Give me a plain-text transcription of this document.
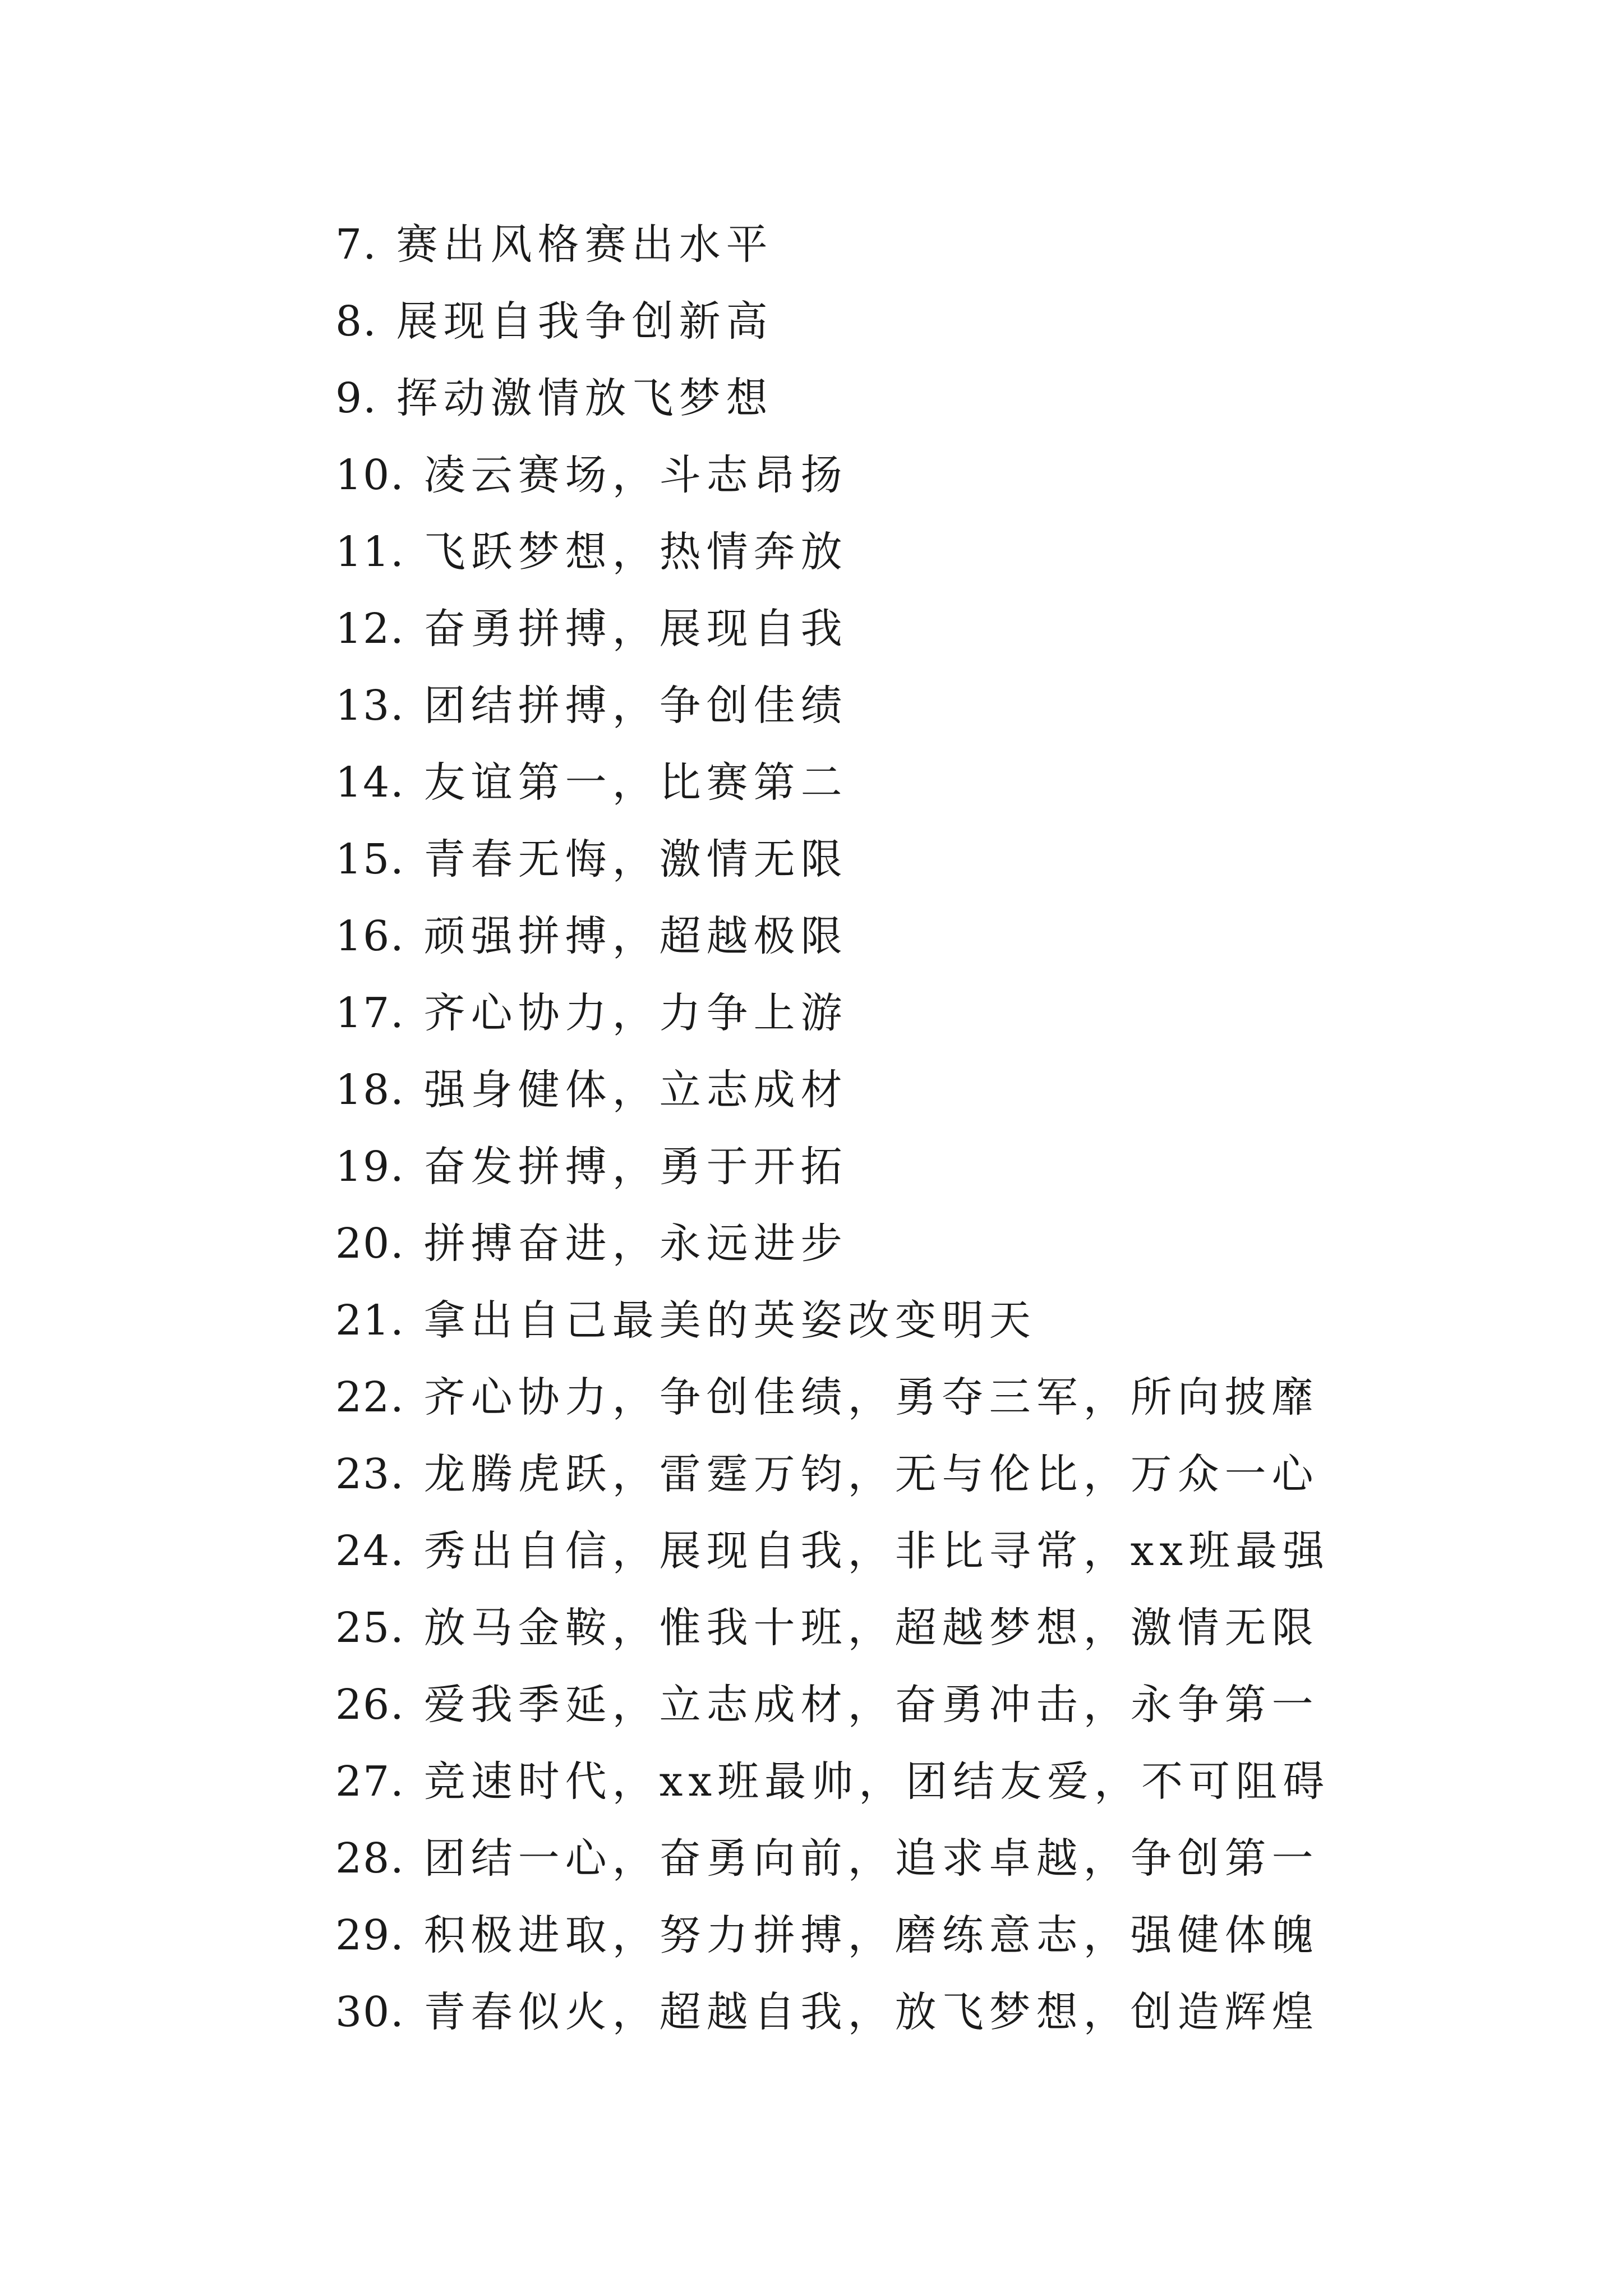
7. 赛出风格赛出水平
8. 展现自我争创新高
9. 挥动激情放飞梦想
10. 凌云赛场，斗志昂扬
11. 飞跃梦想，热情奔放
12. 奋勇拼搏，展现自我
13. 团结拼搏，争创佳绩
14. 友谊第一，比赛第二
15. 青春无悔，激情无限
16. 顽强拼搏，超越极限
17. 齐心协力，力争上游
18. 强身健体，立志成材
19. 奋发拼搏，勇于开拓
20. 拼搏奋进，永远进步
21. 拿出自己最美的英姿改变明天
22. 齐心协力，争创佳绩，勇夺三军，所向披靡
23. 龙腾虎跃，雷霆万钧，无与伦比，万众一心
24. 秀出自信，展现自我，非比寻常，xx班最强
25. 放马金鞍，惟我十班，超越梦想，激情无限
26. 爱我季延，立志成材，奋勇冲击，永争第一
27. 竞速时代，xx班最帅，团结友爱，不可阻碍
28. 团结一心，奋勇向前，追求卓越，争创第一
29. 积极进取，努力拼搏，磨练意志，强健体魄
30. 青春似火，超越自我，放飞梦想，创造辉煌
